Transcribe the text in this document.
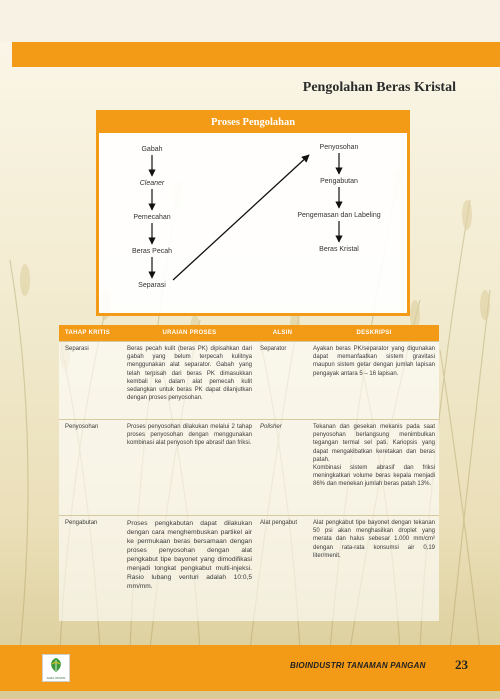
Pengolahan Beras Kristal
Proses Pengolahan
Gabah
Cleaner
Pemecahan
Beras Pecah
Separasi
Penyosohan
Pengabutan
Pengemasan dan Labeling
Beras Kristal
TAHAP KRITIS	URAIAN PROSES	ALSIN	DESKRIPSI
Separasi	Beras pecah kulit (beras PK) dipisahkan dari gabah yang belum terpecah kulitnya menggunakan alat separator. Gabah yang telah terpisah dari beras PK dimasukkan kembali ke dalam alat pemecah kulit sedangkan untuk beras PK dapat dilanjutkan dengan proses penyosohan.	Separator	Ayakan beras PK/separator yang digunakan dapat memanfaatkan sistem gravitasi maupun sistem getar dengan jumlah lapisan pengayak antara 5 – 16 lapisan.
Penyosohan	Proses penyosohan dilakukan melalui 2 tahap proses penyosohan dengan menggunakan kombinasi alat penyosoh tipe abrasif dan friksi.	Polisher	Tekanan dan gesekan mekanis pada saat penyosohan berlangsung menimbulkan tegangan termal sel pati. Kariopsis yang dapat mengakibatkan keretakan dan beras patah.
Kombinasi sistem abrasif dan friksi meningkatkan volume beras kepala menjadi 86% dan menekan jumlah beras patah 13%.
Pengabutan	Proses pengkabutan dapat dilakukan dengan cara menghembuskan partikel air ke permukaan beras bersamaan dengan proses penyosohan dengan alat pengkabut tipe bayonet yang dimodifikasi menjadi tongkat pengkabut multi-injeksi. Rasio lubang venturi adalah 10:0,5 mm/mm.	Alat pengabut	Alat pengkabut tipe bayonet dengan tekanan 50 psi akan menghasilkan droplet yang merata dan halus sebesar 1.000 mm/cm² dengan rata-rata konsumsi air 0,19 liter/menit.
AGRO INOVASI
BIOINDUSTRI TANAMAN PANGAN 23
